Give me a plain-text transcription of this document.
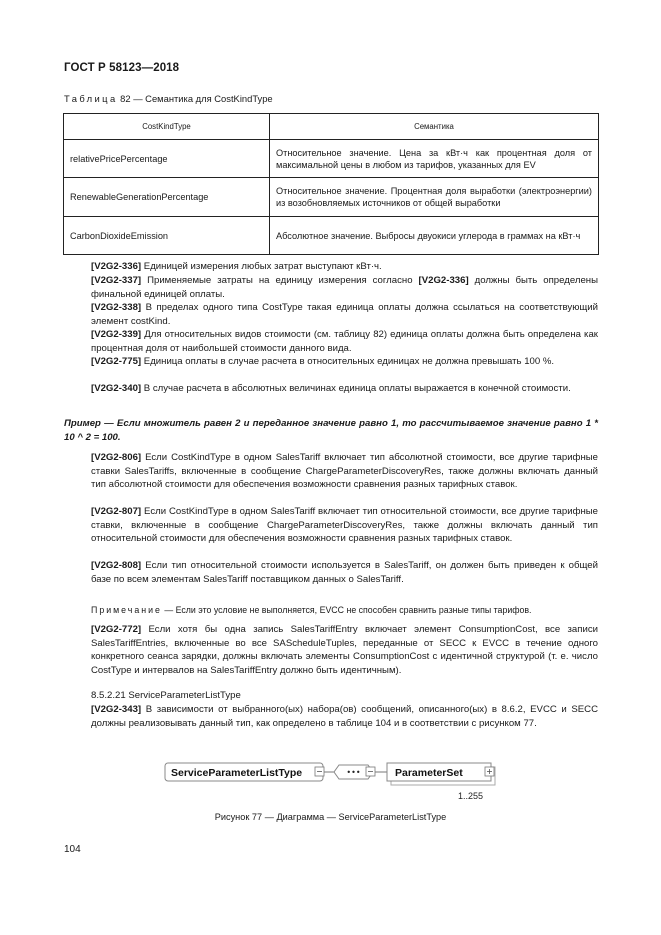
ГОСТ Р 58123—2018
Таблица 82 — Семантика для CostKindType
CostKindType	Семантика
relativePricePercentage	Относительное значение. Цена за кВт·ч как процентная доля от максимальной цены в любом из тарифов, указанных для EV
RenewableGenerationPercentage	Относительное значение. Процентная доля выработки (электроэнергии) из возобновляемых источников от общей выработки
CarbonDioxideEmission	Абсолютное значение. Выбросы двуокиси углерода в граммах на кВт·ч
[V2G2-336] Единицей измерения любых затрат выступают кВт·ч.
[V2G2-337] Применяемые затраты на единицу измерения согласно [V2G2-336] должны быть определены финальной единицей оплаты.
[V2G2-338] В пределах одного типа CostType такая единица оплаты должна ссылаться на соответствующий элемент costKind.
[V2G2-339] Для относительных видов стоимости (см. таблицу 82) единица оплаты должна быть определена как процентная доля от наибольшей стоимости данного вида.
[V2G2-775] Единица оплаты в случае расчета в относительных единицах не должна превышать 100 %.
[V2G2-340] В случае расчета в абсолютных величинах единица оплаты выражается в конечной стоимости.
Пример — Если множитель равен 2 и переданное значение равно 1, то рассчитываемое значение равно 1 * 10 ^ 2 = 100.
[V2G2-806] Если CostKindType в одном SalesTariff включает тип абсолютной стоимости, все другие тарифные ставки SalesTariffs, включенные в сообщение ChargeParameterDiscoveryRes, также должны включать данный тип абсолютной стоимости для обеспечения возможности сравнения разных тарифных ставок.
[V2G2-807] Если CostKindType в одном SalesTariff включает тип относительной стоимости, все другие тарифные ставки, включенные в сообщение ChargeParameterDiscoveryRes, также должны включать данный тип относительной стоимости для обеспечения возможности сравнения разных тарифных ставок.
[V2G2-808] Если тип относительной стоимости используется в SalesTariff, он должен быть приведен к общей базе по всем элементам SalesTariff поставщиком данных о SalesTariff.
Примечание — Если это условие не выполняется, EVCC не способен сравнить разные типы тарифов.
[V2G2-772] Если хотя бы одна запись SalesTariffEntry включает элемент ConsumptionCost, все записи SalesTariffEntries, включенные во все SAScheduleTuples, переданные от SECC к EVCC в течение одного конкретного сеанса зарядки, должны включать элементы ConsumptionCost с идентичной структурой (т. е. число CostType и интервалов на SalesTariffEntry должно быть идентичным).
8.5.2.21 ServiceParameterListType
[V2G2-343] В зависимости от выбранного(ых) набора(ов) сообщений, описанного(ых) в 8.6.2, EVCC и SECC должны реализовывать данный тип, как определено в таблице 104 и в соответствии с рисунком 77.
ServiceParameterListType	•••	ParameterSet
1..255
Рисунок 77 — Диаграмма — ServiceParameterListType
104
